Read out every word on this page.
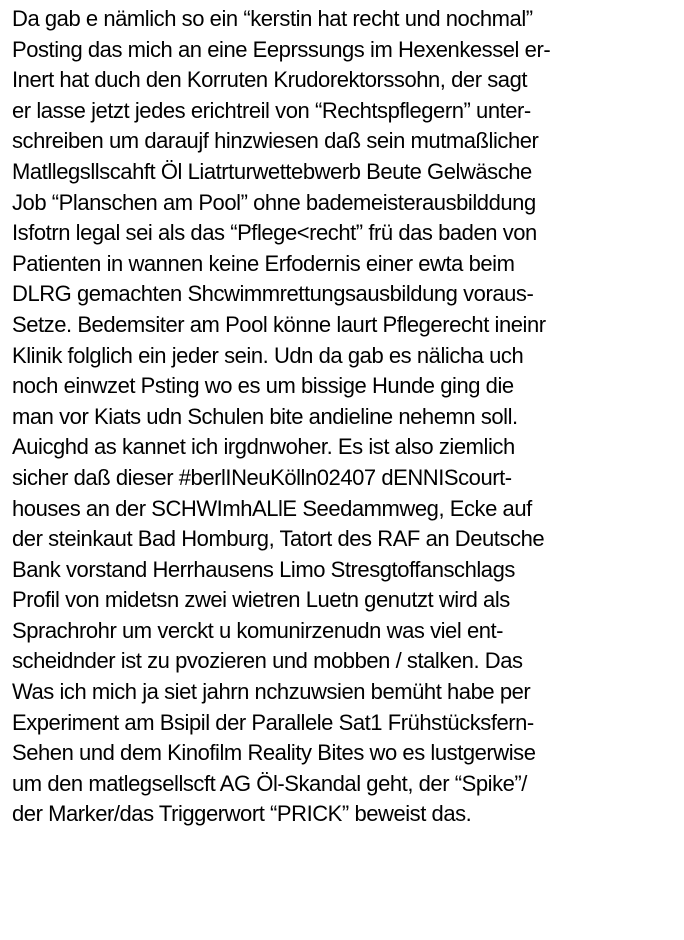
Da gab e nämlich so ein “kerstin hat recht und nochmal”
Posting das mich an eine Eeprssungs im Hexenkessel er-
Inert hat duch den Korruten Krudorektorssohn, der sagt
er lasse jetzt jedes erichtreil von “Rechtspflegern” unter-
schreiben um daraujf hinzwiesen daß sein mutmaßlicher
Matllegsllscahft Öl Liatrturwettebwerb Beute Gelwäsche
Job “Planschen am Pool” ohne bademeisterausbilddung
Isfotrn legal sei als das “Pflege<recht” frü das baden von
Patienten in wannen keine Erfodernis einer ewta beim
DLRG gemachten Shcwimmrettungsausbildung voraus-
Setze. Bedemsiter am Pool könne laurt Pflegerecht ineinr
Klinik folglich ein jeder sein. Udn da gab es nälicha uch
noch einwzet Psting wo es um bissige Hunde ging die
man vor Kiats udn Schulen bite andieline nehemn soll.
Auicghd as kannet ich irgdnwoher. Es ist also ziemlich
sicher daß dieser #berlINeuKölln02407 dENNIScourt-
houses an der SCHWImhALlE Seedammweg, Ecke auf
der steinkaut Bad Homburg, Tatort des RAF an Deutsche
Bank vorstand Herrhausens Limo Stresgtoffanschlags
Profil von midetsn zwei wietren Luetn genutzt wird als
Sprachrohr um verckt u komunirzenudn was viel ent-
scheidnder ist zu pvozieren und mobben / stalken. Das
Was ich mich ja siet jahrn nchzuwsien bemüht habe per
Experiment am Bsipil der Parallele Sat1 Frühstücksfern-
Sehen und dem Kinofilm Reality Bites wo es lustgerwise
um den matlegsellscft AG Öl-Skandal geht, der “Spike”/
der Marker/das Triggerwort “PRICK” beweist das.
